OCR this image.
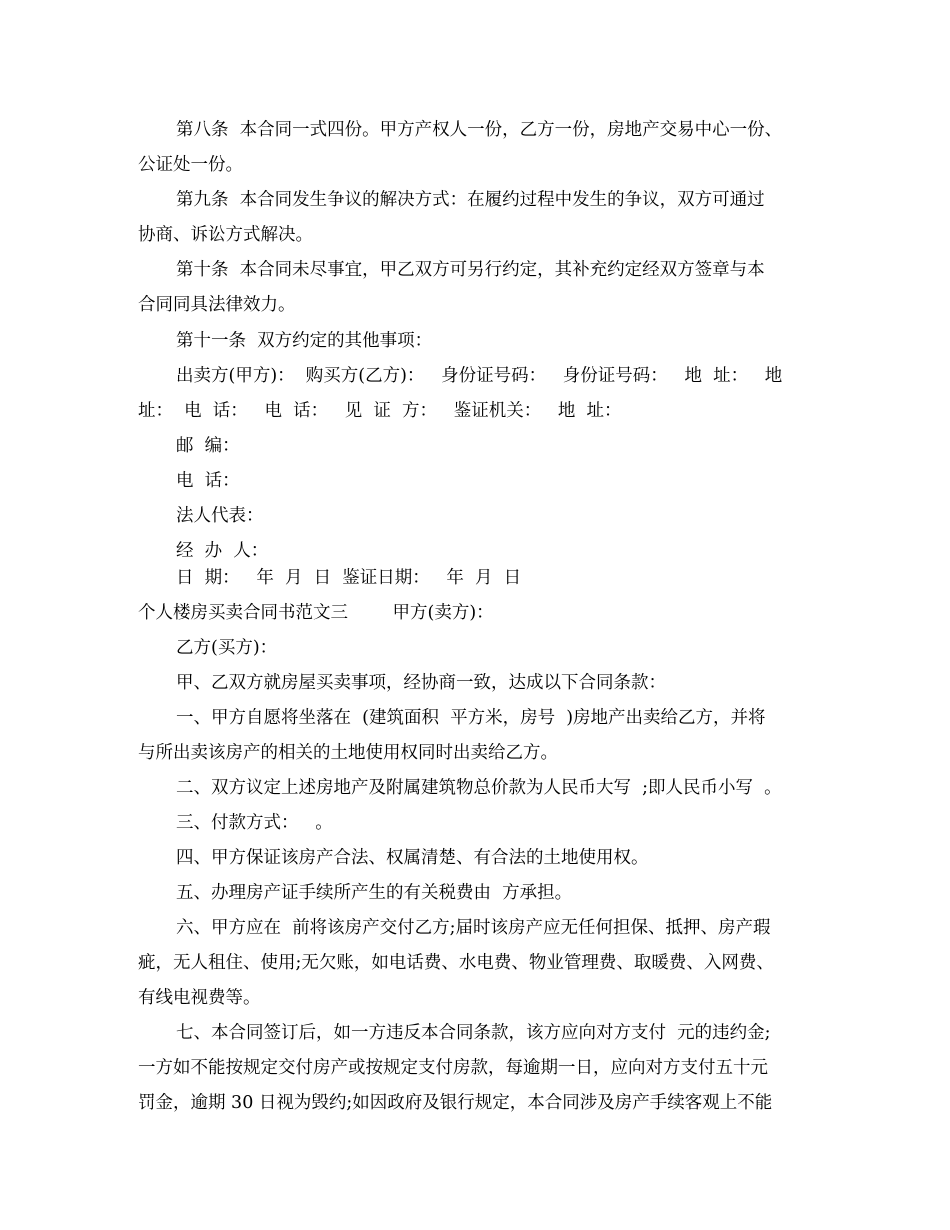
第八条  本合同一式四份。甲方产权人一份，乙方一份，房地产交易中心一份、
公证处一份。
第九条  本合同发生争议的解决方式：在履约过程中发生的争议，双方可通过
协商、诉讼方式解决。
第十条  本合同未尽事宜，甲乙双方可另行约定，其补充约定经双方签章与本
合同同具法律效力。
第十一条  双方约定的其他事项：
出卖方(甲方)：  购买方(乙方)：   身份证号码：   身份证号码：   地  址：   地
址：  电  话：   电  话：   见  证  方：   鉴证机关：   地  址：
邮  编：
电  话：
法人代表：
经  办  人：
日  期：   年  月  日  鉴证日期：   年  月  日
个人楼房买卖合同书范文三        甲方(卖方)：
乙方(买方)：
甲、乙双方就房屋买卖事项，经协商一致，达成以下合同条款：
一、甲方自愿将坐落在  (建筑面积  平方米，房号  )房地产出卖给乙方，并将
与所出卖该房产的相关的土地使用权同时出卖给乙方。
二、双方议定上述房地产及附属建筑物总价款为人民币大写  ;即人民币小写  。
三、付款方式：   。
四、甲方保证该房产合法、权属清楚、有合法的土地使用权。
五、办理房产证手续所产生的有关税费由  方承担。
六、甲方应在  前将该房产交付乙方;届时该房产应无任何担保、抵押、房产瑕
疵，无人租住、使用;无欠账，如电话费、水电费、物业管理费、取暖费、入网费、
有线电视费等。
七、本合同签订后，如一方违反本合同条款，该方应向对方支付  元的违约金;
一方如不能按规定交付房产或按规定支付房款，每逾期一日，应向对方支付五十元
罚金，逾期 30 日视为毁约;如因政府及银行规定，本合同涉及房产手续客观上不能
